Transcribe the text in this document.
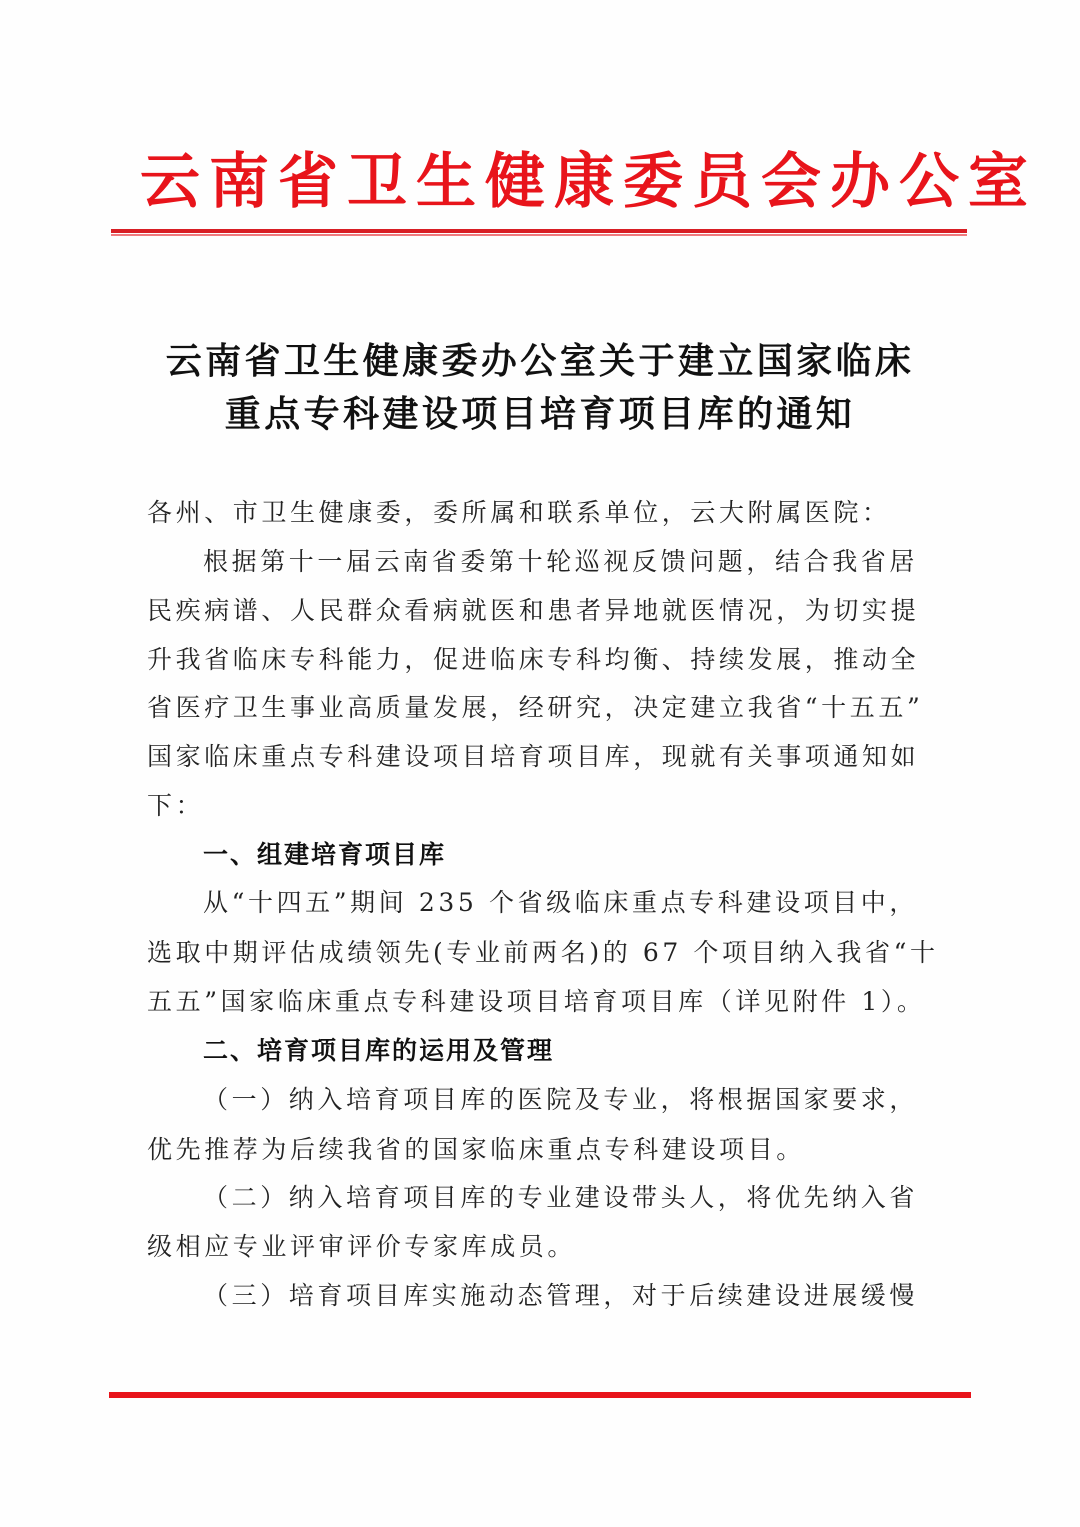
云南省卫生健康委员会办公室
云南省卫生健康委办公室关于建立国家临床
重点专科建设项目培育项目库的通知
各州、市卫生健康委，委所属和联系单位，云大附属医院：
根据第十一届云南省委第十轮巡视反馈问题，结合我省居
民疾病谱、人民群众看病就医和患者异地就医情况，为切实提
升我省临床专科能力，促进临床专科均衡、持续发展，推动全
省医疗卫生事业高质量发展，经研究，决定建立我省“十五五”
国家临床重点专科建设项目培育项目库，现就有关事项通知如
下：
一、组建培育项目库
从“十四五”期间 235 个省级临床重点专科建设项目中，
选取中期评估成绩领先(专业前两名)的 67 个项目纳入我省“十
五五”国家临床重点专科建设项目培育项目库（详见附件 1）。
二、培育项目库的运用及管理
（一）纳入培育项目库的医院及专业，将根据国家要求，
优先推荐为后续我省的国家临床重点专科建设项目。
（二）纳入培育项目库的专业建设带头人，将优先纳入省
级相应专业评审评价专家库成员。
（三）培育项目库实施动态管理，对于后续建设进展缓慢
